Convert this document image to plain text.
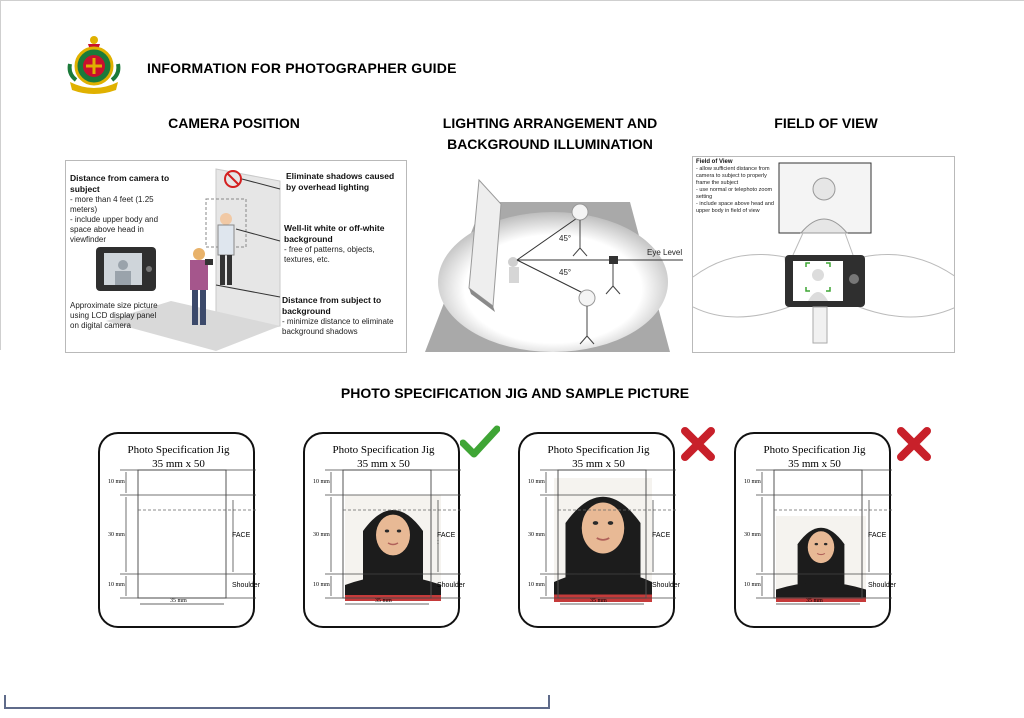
INFORMATION FOR PHOTOGRAPHER GUIDE
CAMERA POSITION	LIGHTING ARRANGEMENT AND
BACKGROUND ILLUMINATION
FIELD OF VIEW
Distance from camera to subject
- more than 4 feet (1.25 meters)
- include upper body and space above head in viewfinder
Eliminate shadows caused by overhead lighting
Well-lit white or off-white background
- free of patterns, objects, textures, etc.
Approximate size picture using LCD display panel on digital camera
Distance from subject to background
- minimize distance to eliminate background shadows
45°
45°
Eye Level
Field of View
- allow sufficient distance from camera to subject to properly frame the subject
- use normal or telephoto zoom setting
- include space above head and upper body in field of view
PHOTO SPECIFICATION JIG AND SAMPLE PICTURE
Photo Specification Jig
35 mm x 50
10 mm
30 mm
10 mm
35 mm
FACE
Shoulder
Photo Specification Jig
35 mm x 50
10 mm
30 mm
10 mm
35 mm
FACE :
Shoulder
Photo Specification Jig
35 mm x 50
10 mm
30 mm
10 mm
35 mm
FACE
Shoulder
Photo Specification Jig
35 mm x 50
10 mm
30 mm
10 mm
35 mm
FACE
Shoulder
